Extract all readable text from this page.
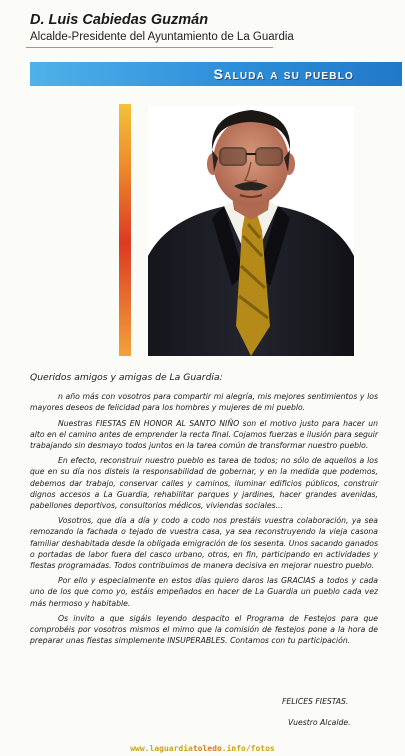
D. Luis Cabiedas Guzmán
Alcalde-Presidente del Ayuntamiento de La Guardia
Saluda a su pueblo

Queridos amigos y amigas de La Guardia:

n año más con vosotros para compartir mi alegría, mis mejores sentimientos y los mayores deseos de felicidad para los hombres y mujeres de mi pueblo.

Nuestras FIESTAS EN HONOR AL SANTO NIÑO son el motivo justo para hacer un alto en el camino antes de emprender la recta final. Cojamos fuerzas e ilusión para seguir trabajando sin desmayo todos juntos en la tarea común de transformar nuestro pueblo.

En efecto, reconstruir nuestro pueblo es tarea de todos; no sólo de aquellos a los que en su día nos disteis la responsabilidad de gobernar, y en la medida que podemos, debemos dar trabajo, conservar calles y caminos, iluminar edificios públicos, construir dignos accesos a La Guardia, rehabilitar parques y jardines, hacer grandes avenidas, pabellones deportivos, consultorios médicos, viviendas sociales...

Vosotros, que día a día y codo a codo nos prestáis vuestra colaboración, ya sea remozando la fachada o tejado de vuestra casa, ya sea reconstruyendo la vieja casona familiar deshabitada desde la obligada emigración de los sesenta. Unos sacando ganados o portadas de labor fuera del casco urbano, otros, en fin, participando en actividades y fiestas programadas. Todos contribuimos de manera decisiva en mejorar nuestro pueblo.

Por ello y especialmente en estos días quiero daros las GRACIAS a todos y cada uno de los que como yo, estáis empeñados en hacer de La Guardia un pueblo cada vez más hermoso y habitable.

Os invito a que sigáis leyendo despacito el Programa de Festejos para que comprobéis por vosotros mismos el mimo que la comisión de festejos pone a la hora de preparar unas fiestas simplemente INSUPERABLES. Contamos con tu participación.

FELICES FIESTAS.
Vuestro Alcalde.
www.laguardiatoledo.info/fotos
